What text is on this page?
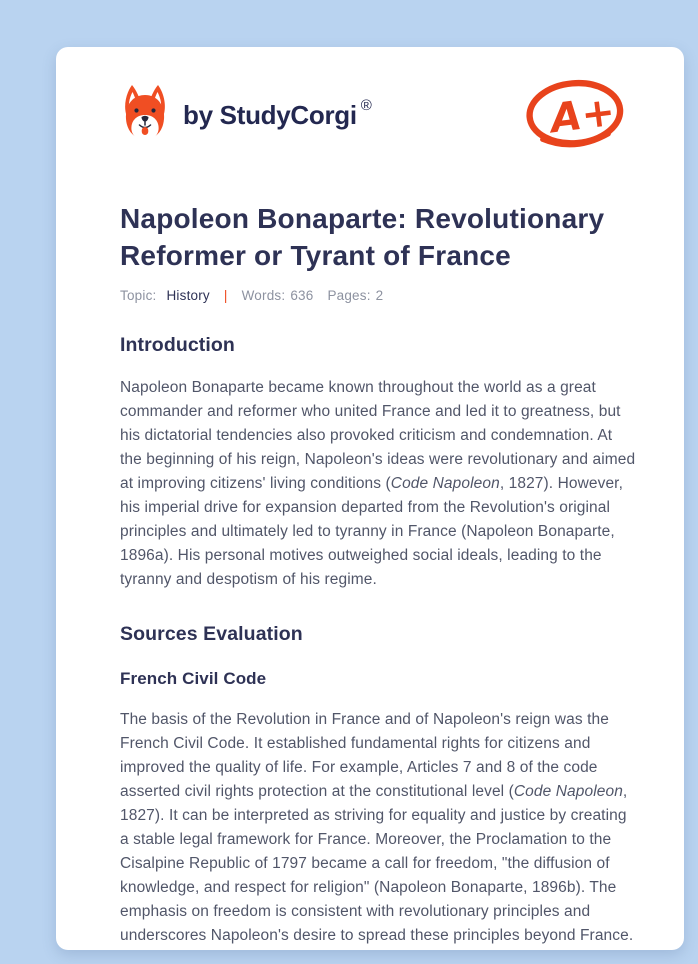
by StudyCorgi ®	A+
Napoleon Bonaparte: Revolutionary Reformer or Tyrant of France
Topic: History | Words: 636 Pages: 2
Introduction

Napoleon Bonaparte became known throughout the world as a great commander and reformer who united France and led it to greatness, but his dictatorial tendencies also provoked criticism and condemnation. At the beginning of his reign, Napoleon's ideas were revolutionary and aimed at improving citizens' living conditions (Code Napoleon, 1827). However, his imperial drive for expansion departed from the Revolution's original principles and ultimately led to tyranny in France (Napoleon Bonaparte, 1896a). His personal motives outweighed social ideals, leading to the tyranny and despotism of his regime.

Sources Evaluation
French Civil Code

The basis of the Revolution in France and of Napoleon's reign was the French Civil Code. It established fundamental rights for citizens and improved the quality of life. For example, Articles 7 and 8 of the code asserted civil rights protection at the constitutional level (Code Napoleon, 1827). It can be interpreted as striving for equality and justice by creating a stable legal framework for France. Moreover, the Proclamation to the Cisalpine Republic of 1797 became a call for freedom, "the diffusion of knowledge, and respect for religion" (Napoleon Bonaparte, 1896b). The emphasis on freedom is consistent with revolutionary principles and underscores Napoleon's desire to spread these principles beyond France.
